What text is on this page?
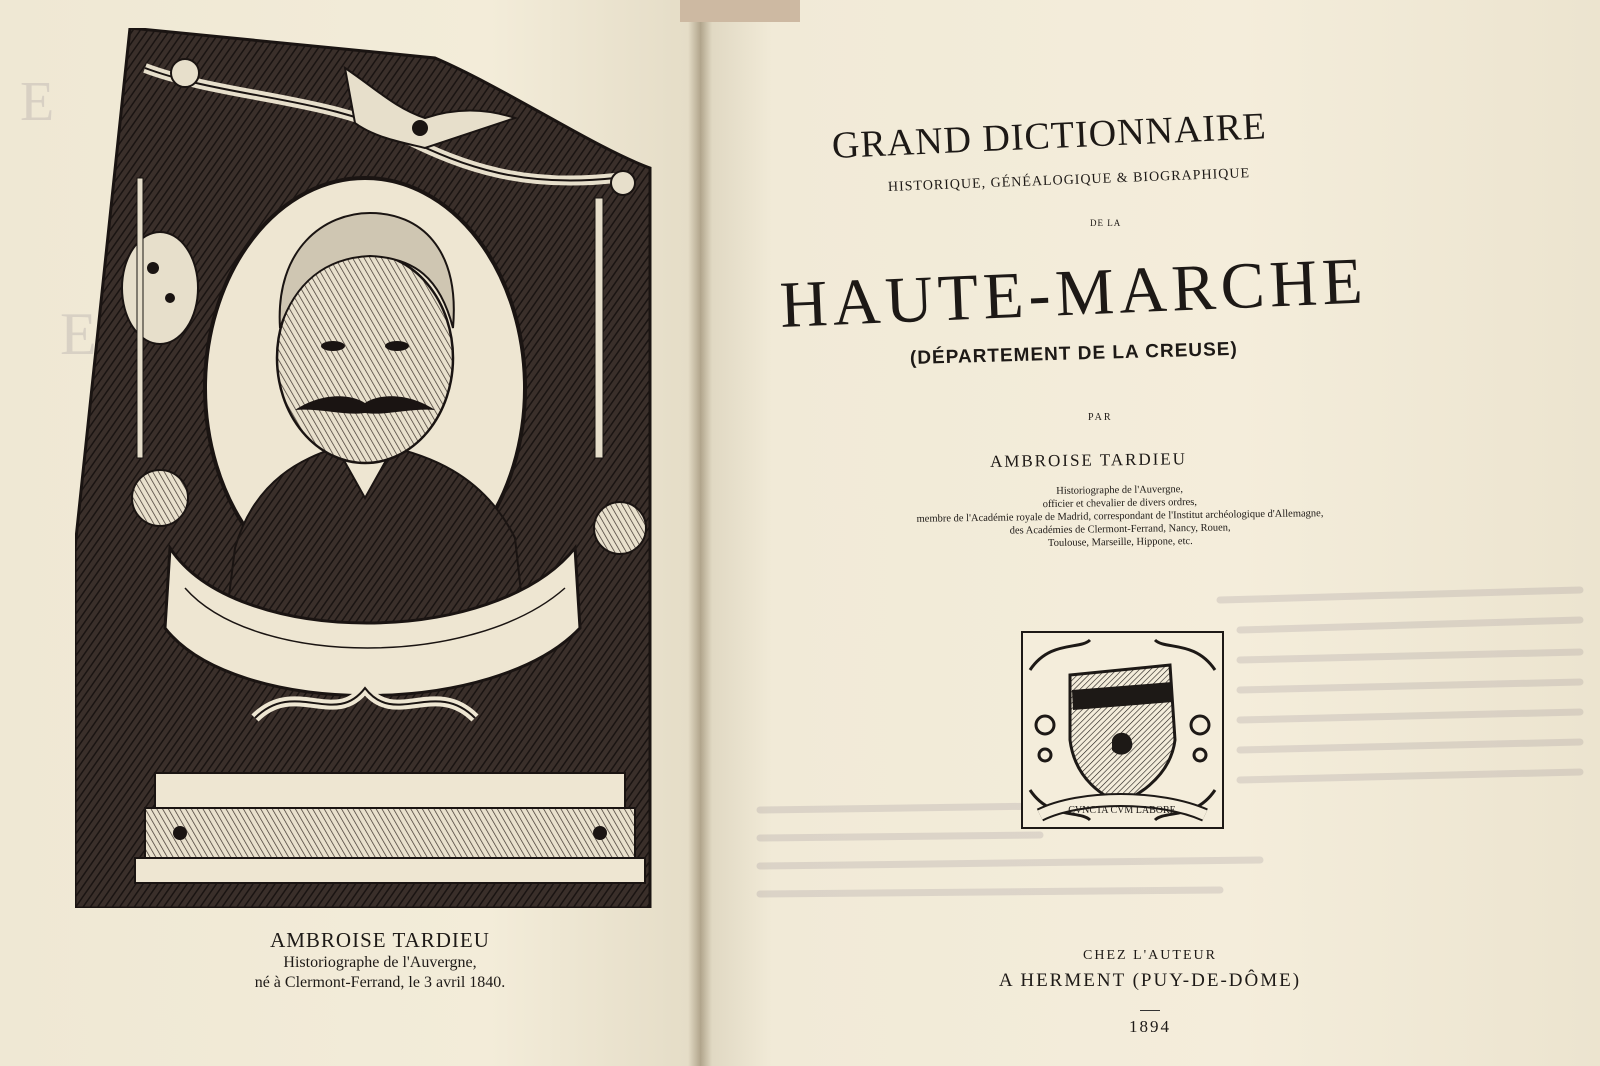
E
E
AMBROISE TARDIEU
Historiographe de l'Auvergne,
né à Clermont-Ferrand, le 3 avril 1840.
GRAND DICTIONNAIRE
HISTORIQUE, GÉNÉALOGIQUE & BIOGRAPHIQUE
DE LA
HAUTE-MARCHE
(DÉPARTEMENT DE LA CREUSE)
PAR
AMBROISE TARDIEU
Historiographe de l'Auvergne,
officier et chevalier de divers ordres,
membre de l'Académie royale de Madrid, correspondant de l'Institut archéologique d'Allemagne,
des Académies de Clermont-Ferrand, Nancy, Rouen,
Toulouse, Marseille, Hippone, etc.
CVNCTA CVM LABORE
CHEZ L'AUTEUR
A HERMENT (PUY-DE-DÔME)
1894
